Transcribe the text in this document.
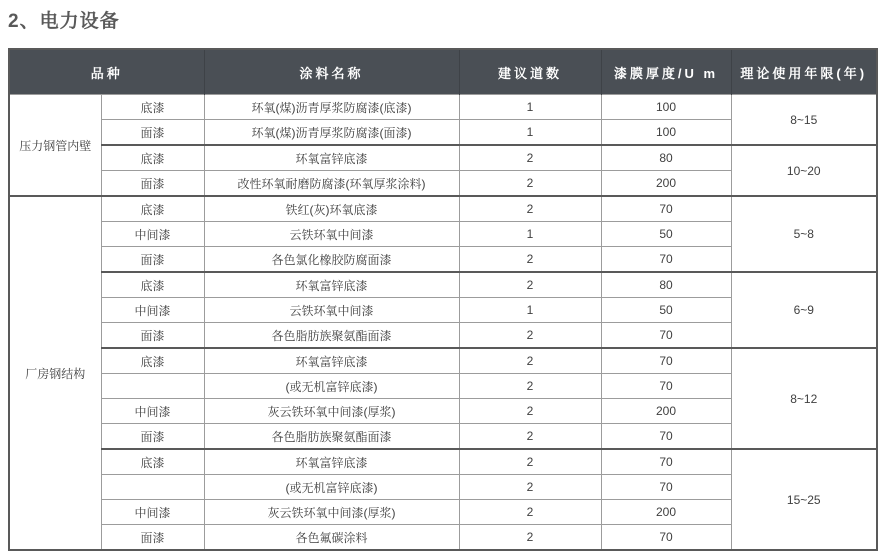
2、电力设备
品种		涂料名称	建议道数	漆膜厚度/U m	理论使用年限(年)
压力钢管内壁	底漆	环氧(煤)沥青厚浆防腐漆(底漆)	1	100	8~15
	面漆	环氧(煤)沥青厚浆防腐漆(面漆)	1	100	
	底漆	环氧富锌底漆	2	80	10~20
	面漆	改性环氧耐磨防腐漆(环氧厚浆涂料)	2	200	
厂房钢结构	底漆	铁红(灰)环氧底漆	2	70	5~8
	中间漆	云铁环氧中间漆	1	50	
	面漆	各色氯化橡胶防腐面漆	2	70	
	底漆	环氧富锌底漆	2	80	6~9
	中间漆	云铁环氧中间漆	1	50	
	面漆	各色脂肪族聚氨酯面漆	2	70	
	底漆	环氧富锌底漆	2	70	8~12
		(或无机富锌底漆)	2	70	
	中间漆	灰云铁环氧中间漆(厚浆)	2	200	
	面漆	各色脂肪族聚氨酯面漆	2	70	
	底漆	环氧富锌底漆	2	70	15~25
		(或无机富锌底漆)	2	70	
	中间漆	灰云铁环氧中间漆(厚浆)	2	200	
	面漆	各色氟碳涂料	2	70	
